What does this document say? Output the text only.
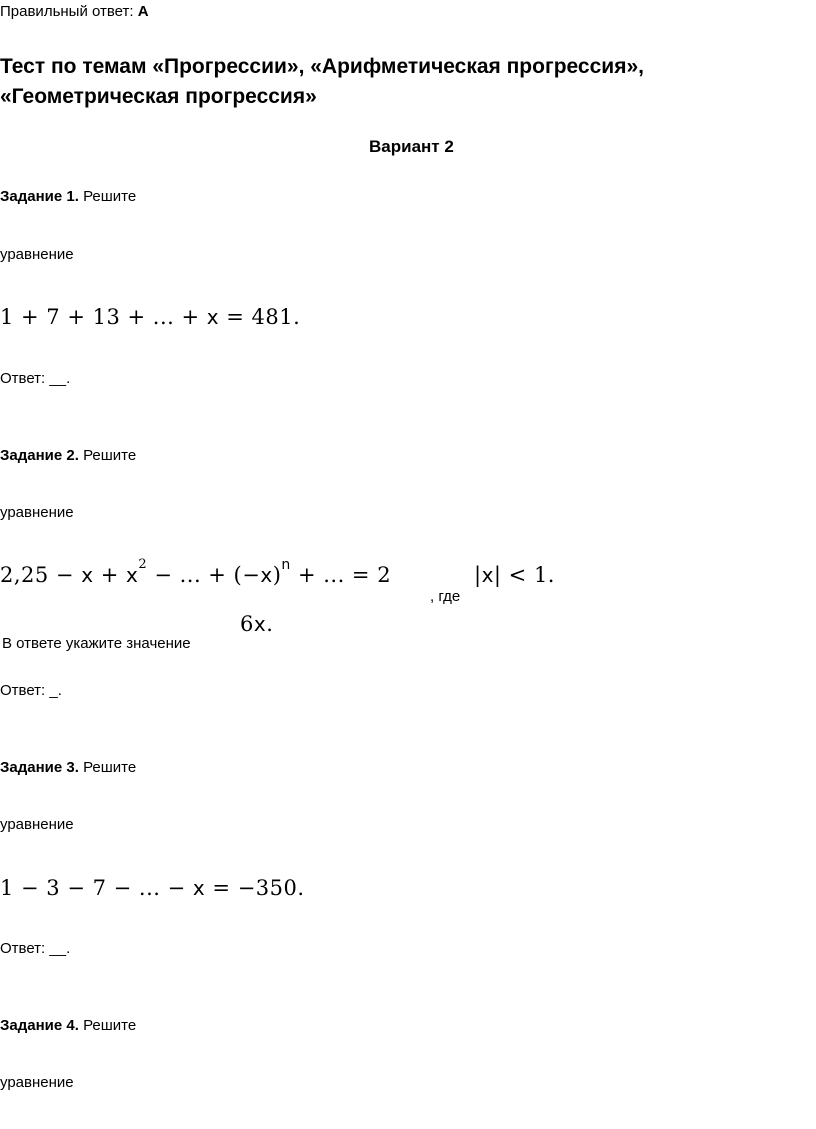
Правильный ответ: A
Тест по темам «Прогрессии», «Арифметическая прогрессия»,
«Геометрическая прогрессия»
Вариант 2
Задание 1. Решите
уравнение
1 + 7 + 13 + ... + x = 481.
Ответ: __.
Задание 2. Решите
уравнение
$2,25 - x + x^2$ − ... + $(-x)^n$ + ... = 2
, где
|x| < 1.
6x.
В ответе укажите значение
Ответ: _.
Задание 3. Решите
уравнение
1 − 3 − 7 − ... − x = −350.
Ответ: __.
Задание 4. Решите
уравнение
